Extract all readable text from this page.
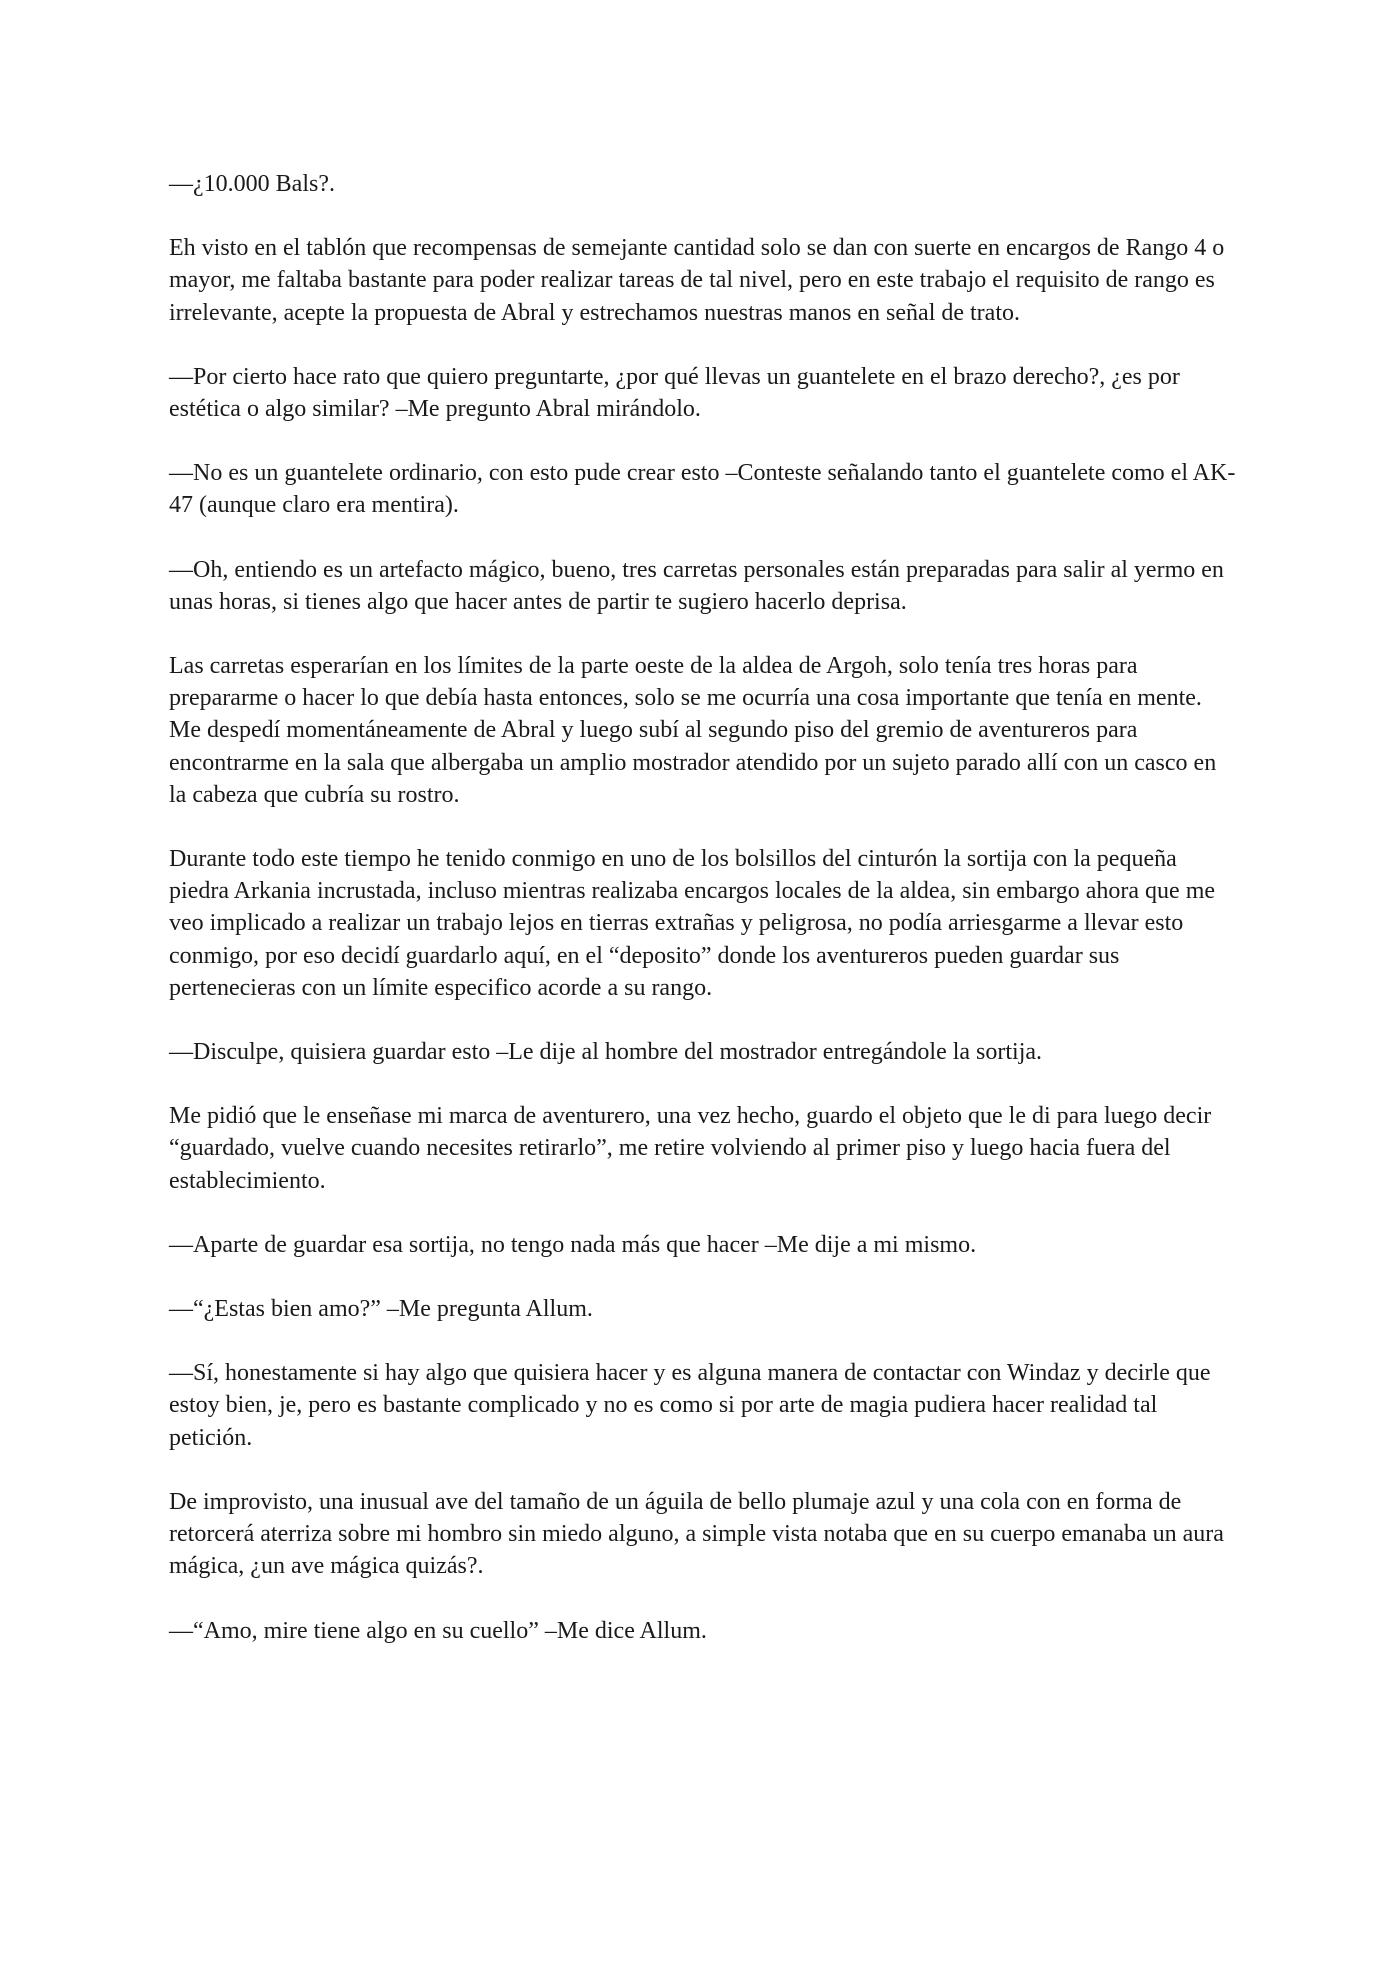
—¿10.000 Bals?.

Eh visto en el tablón que recompensas de semejante cantidad solo se dan con suerte en encargos de Rango 4 o mayor, me faltaba bastante para poder realizar tareas de tal nivel, pero en este trabajo el requisito de rango es irrelevante, acepte la propuesta de Abral y estrechamos nuestras manos en señal de trato.

—Por cierto hace rato que quiero preguntarte, ¿por qué llevas un guantelete en el brazo derecho?, ¿es por estética o algo similar? –Me pregunto Abral mirándolo.

—No es un guantelete ordinario, con esto pude crear esto –Conteste señalando tanto el guantelete como el AK-47 (aunque claro era mentira).

—Oh, entiendo es un artefacto mágico, bueno, tres carretas personales están preparadas para salir al yermo en unas horas, si tienes algo que hacer antes de partir te sugiero hacerlo deprisa.

Las carretas esperarían en los límites de la parte oeste de la aldea de Argoh, solo tenía tres horas para prepararme o hacer lo que debía hasta entonces, solo se me ocurría una cosa importante que tenía en mente. Me despedí momentáneamente de Abral y luego subí al segundo piso del gremio de aventureros para encontrarme en la sala que albergaba un amplio mostrador atendido por un sujeto parado allí con un casco en la cabeza que cubría su rostro.

Durante todo este tiempo he tenido conmigo en uno de los bolsillos del cinturón la sortija con la pequeña piedra Arkania incrustada, incluso mientras realizaba encargos locales de la aldea, sin embargo ahora que me veo implicado a realizar un trabajo lejos en tierras extrañas y peligrosa, no podía arriesgarme a llevar esto conmigo, por eso decidí guardarlo aquí, en el “deposito” donde los aventureros pueden guardar sus pertenecieras con un límite especifico acorde a su rango.

—Disculpe, quisiera guardar esto –Le dije al hombre del mostrador entregándole la sortija.

Me pidió que le enseñase mi marca de aventurero, una vez hecho, guardo el objeto que le di para luego decir “guardado, vuelve cuando necesites retirarlo”, me retire volviendo al primer piso y luego hacia fuera del establecimiento.

—Aparte de guardar esa sortija, no tengo nada más que hacer –Me dije a mi mismo.

—“¿Estas bien amo?” –Me pregunta Allum.

—Sí, honestamente si hay algo que quisiera hacer y es alguna manera de contactar con Windaz y decirle que estoy bien, je, pero es bastante complicado y no es como si por arte de magia pudiera hacer realidad tal petición.

De improvisto, una inusual ave del tamaño de un águila de bello plumaje azul y una cola con en forma de retorcerá aterriza sobre mi hombro sin miedo alguno, a simple vista notaba que en su cuerpo emanaba un aura mágica, ¿un ave mágica quizás?.

—“Amo, mire tiene algo en su cuello” –Me dice Allum.
